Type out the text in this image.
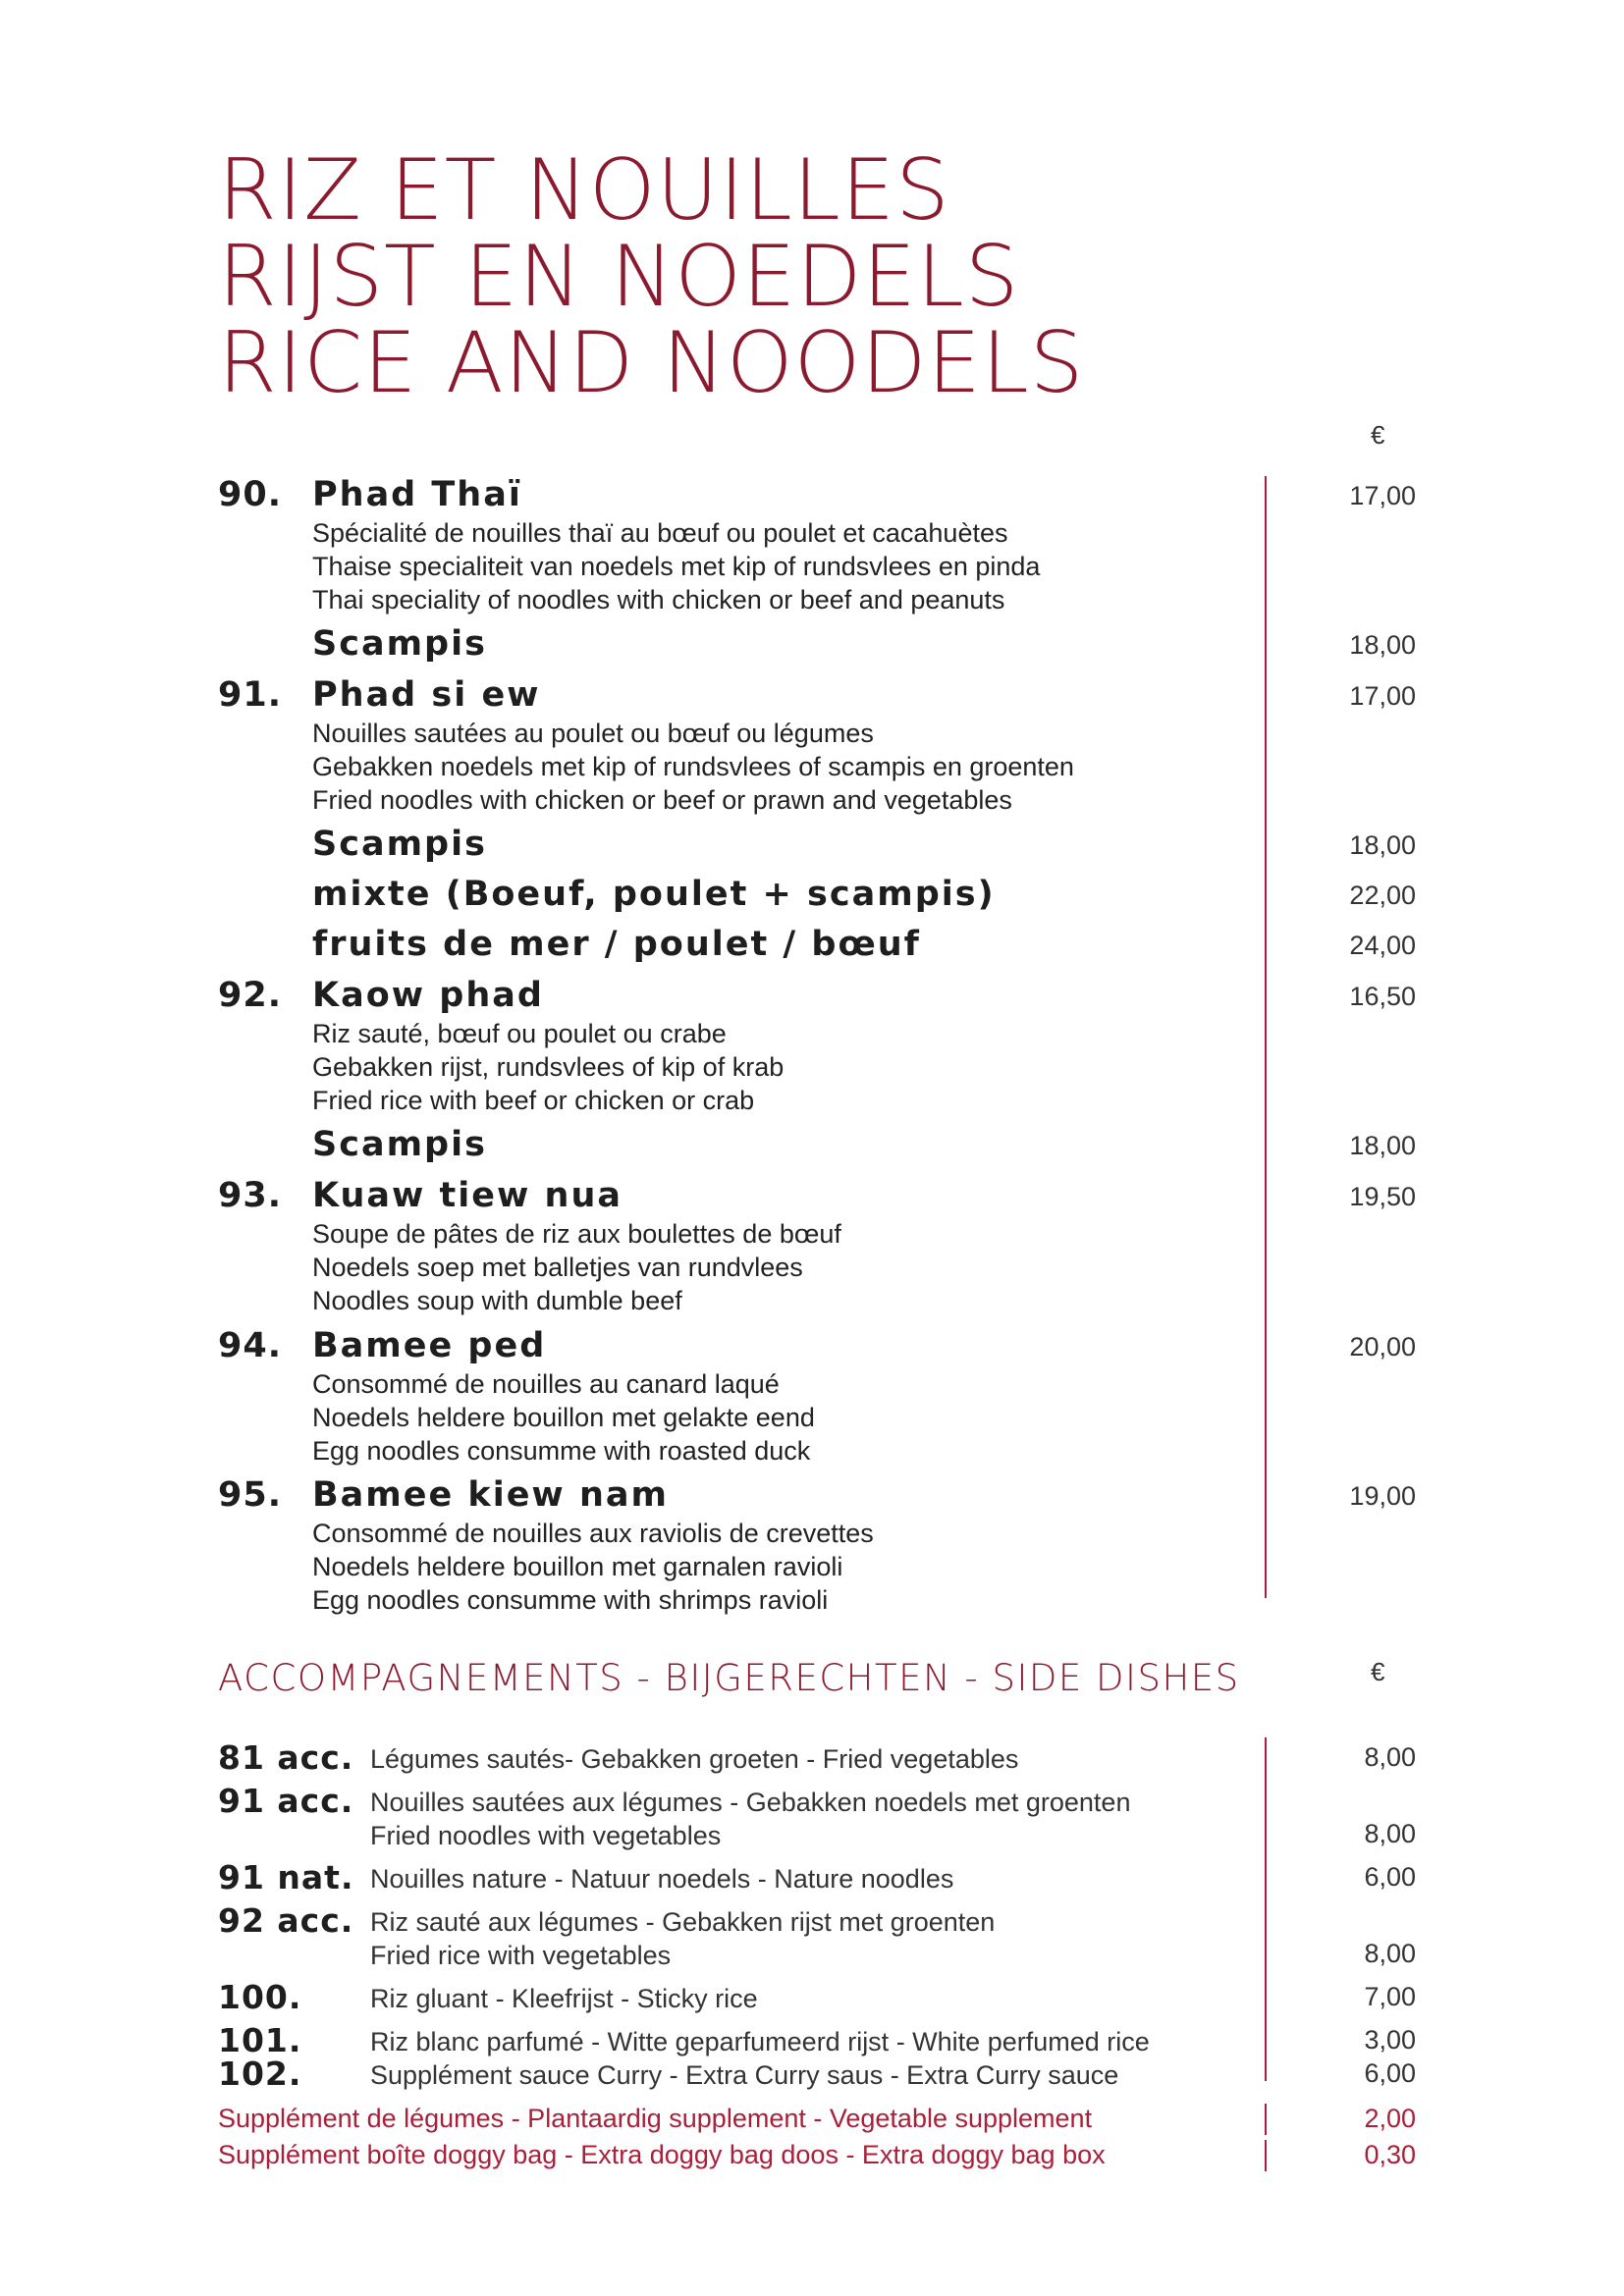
RIZ ET NOUILLES
RIJST EN NOEDELS
RICE AND NOODELS
€
90. Phad Thaï
Spécialité de nouilles thaï au bœuf ou poulet et cacahuètes
Thaise specialiteit van noedels met kip of rundsvlees en pinda
Thai speciality of noodles with chicken or beef and peanuts
17,00
Scampis	18,00
91. Phad si ew
Nouilles sautées au poulet ou bœuf ou légumes
Gebakken noedels met kip of rundsvlees of scampis en groenten
Fried noodles with chicken or beef or prawn and vegetables
17,00
Scampis	18,00
mixte (Boeuf, poulet + scampis)	22,00
fruits de mer / poulet / bœuf	24,00
92. Kaow phad
Riz sauté, bœuf ou poulet ou crabe
Gebakken rijst, rundsvlees of kip of krab
Fried rice with beef or chicken or crab
16,50
Scampis	18,00
93. Kuaw tiew nua
Soupe de pâtes de riz aux boulettes de bœuf
Noedels soep met balletjes van rundvlees
Noodles soup with dumble beef
19,50
94. Bamee ped
Consommé de nouilles au canard laqué
Noedels heldere bouillon met gelakte eend
Egg noodles consumme with roasted duck
20,00
95. Bamee kiew nam
Consommé de nouilles aux raviolis de crevettes
Noedels heldere bouillon met garnalen ravioli
Egg noodles consumme with shrimps ravioli
19,00
ACCOMPAGNEMENTS - BIJGERECHTEN - SIDE DISHES	€
81 acc. Légumes sautés- Gebakken groeten - Fried vegetables	8,00
91 acc. Nouilles sautées aux légumes - Gebakken noedels met groenten
Fried noodles with vegetables	8,00
91 nat. Nouilles nature - Natuur noedels - Nature noodles	6,00
92 acc. Riz sauté aux légumes - Gebakken rijst met groenten
Fried rice with vegetables	8,00
100.	Riz gluant - Kleefrijst - Sticky rice	7,00
101.	Riz blanc parfumé - Witte geparfumeerd rijst - White perfumed rice	3,00
102.	Supplément sauce Curry - Extra Curry saus - Extra Curry sauce	6,00
Supplément de légumes - Plantaardig supplement - Vegetable supplement	2,00
Supplément boîte doggy bag - Extra doggy bag doos - Extra doggy bag box	0,30
